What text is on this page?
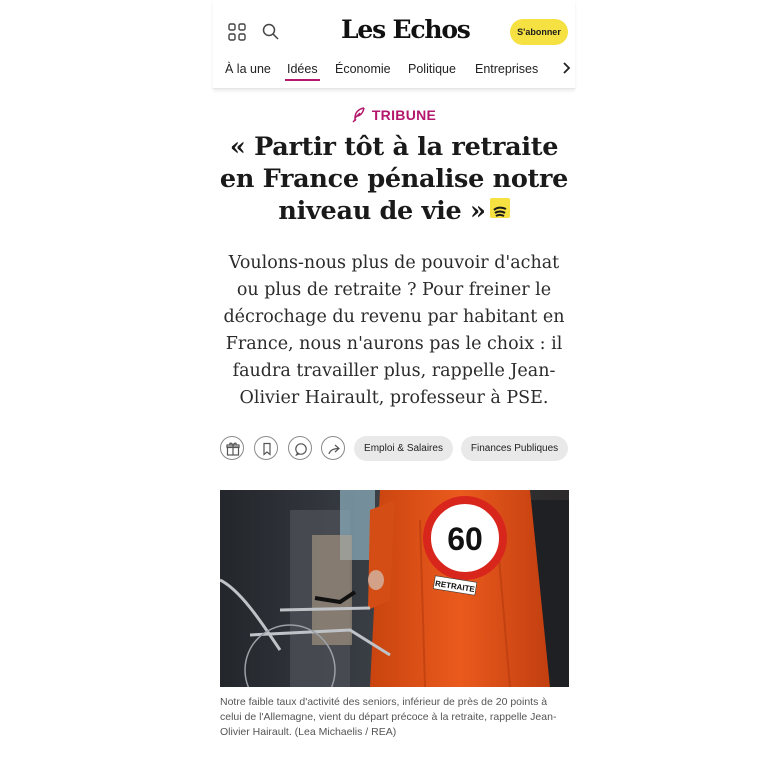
Les Echos	S'abonner
À la une Idées Économie Politique Entreprises
TRIBUNE
« Partir tôt à la retraite en France pénalise notre niveau de vie »

Voulons-nous plus de pouvoir d'achat ou plus de retraite ? Pour freiner le décrochage du revenu par habitant en France, nous n'aurons pas le choix : il faudra travailler plus, rappelle Jean-Olivier Hairault, professeur à PSE.

Emploi & Salaires	Finances Publiques
60
RETRAITE

Notre faible taux d'activité des seniors, inférieur de près de 20 points à celui de l'Allemagne, vient du départ précoce à la retraite, rappelle Jean-Olivier Hairault. (Lea Michaelis / REA)
